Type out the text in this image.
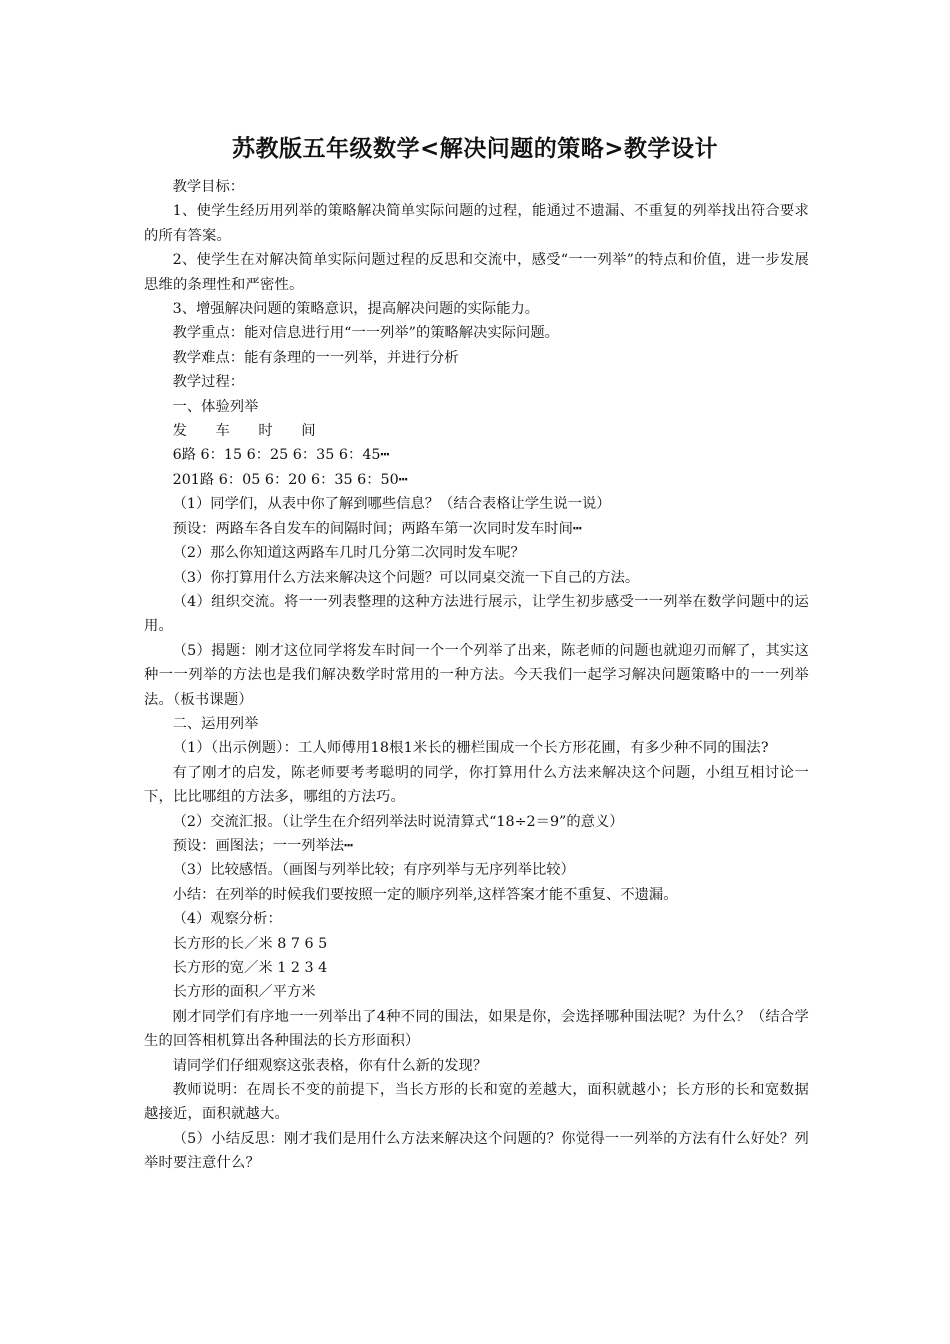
苏教版五年级数学<解决问题的策略>教学设计

教学目标：

1、使学生经历用列举的策略解决简单实际问题的过程，能通过不遗漏、不重复的列举找出符合要求的所有答案。

2、使学生在对解决简单实际问题过程的反思和交流中，感受“一一列举”的特点和价值，进一步发展思维的条理性和严密性。

3、增强解决问题的策略意识，提高解决问题的实际能力。

教学重点：能对信息进行用“一一列举”的策略解决实际问题。

教学难点：能有条理的一一列举，并进行分析

教学过程：

一、体验列举

发　　车　　时　　间

6路 6：15 6：25 6：35 6：45┅

201路 6：05 6：20 6：35 6：50┅

（1）同学们，从表中你了解到哪些信息？（结合表格让学生说一说）

预设：两路车各自发车的间隔时间；两路车第一次同时发车时间┅

（2）那么你知道这两路车几时几分第二次同时发车呢？

（3）你打算用什么方法来解决这个问题？可以同桌交流一下自己的方法。

（4）组织交流。将一一列表整理的这种方法进行展示，让学生初步感受一一列举在数学问题中的运用。

（5）揭题：刚才这位同学将发车时间一个一个列举了出来，陈老师的问题也就迎刃而解了，其实这种一一列举的方法也是我们解决数学时常用的一种方法。今天我们一起学习解决问题策略中的一一列举法。（板书课题）

二、运用列举

（1）（出示例题）：工人师傅用18根1米长的栅栏围成一个长方形花圃，有多少种不同的围法?

有了刚才的启发，陈老师要考考聪明的同学，你打算用什么方法来解决这个问题，小组互相讨论一下，比比哪组的方法多，哪组的方法巧。

（2）交流汇报。（让学生在介绍列举法时说清算式“18÷2＝9”的意义）

预设：画图法；一一列举法┅

（3）比较感悟。（画图与列举比较；有序列举与无序列举比较）

小结：在列举的时候我们要按照一定的顺序列举,这样答案才能不重复、不遗漏。

（4）观察分析：

长方形的长／米 8 7 6 5

长方形的宽／米 1 2 3 4

长方形的面积／平方米

刚才同学们有序地一一列举出了4种不同的围法，如果是你，会选择哪种围法呢？为什么？（结合学生的回答相机算出各种围法的长方形面积）

请同学们仔细观察这张表格，你有什么新的发现？

教师说明：在周长不变的前提下，当长方形的长和宽的差越大，面积就越小；长方形的长和宽数据越接近，面积就越大。

（5）小结反思：刚才我们是用什么方法来解决这个问题的？你觉得一一列举的方法有什么好处？列举时要注意什么？
